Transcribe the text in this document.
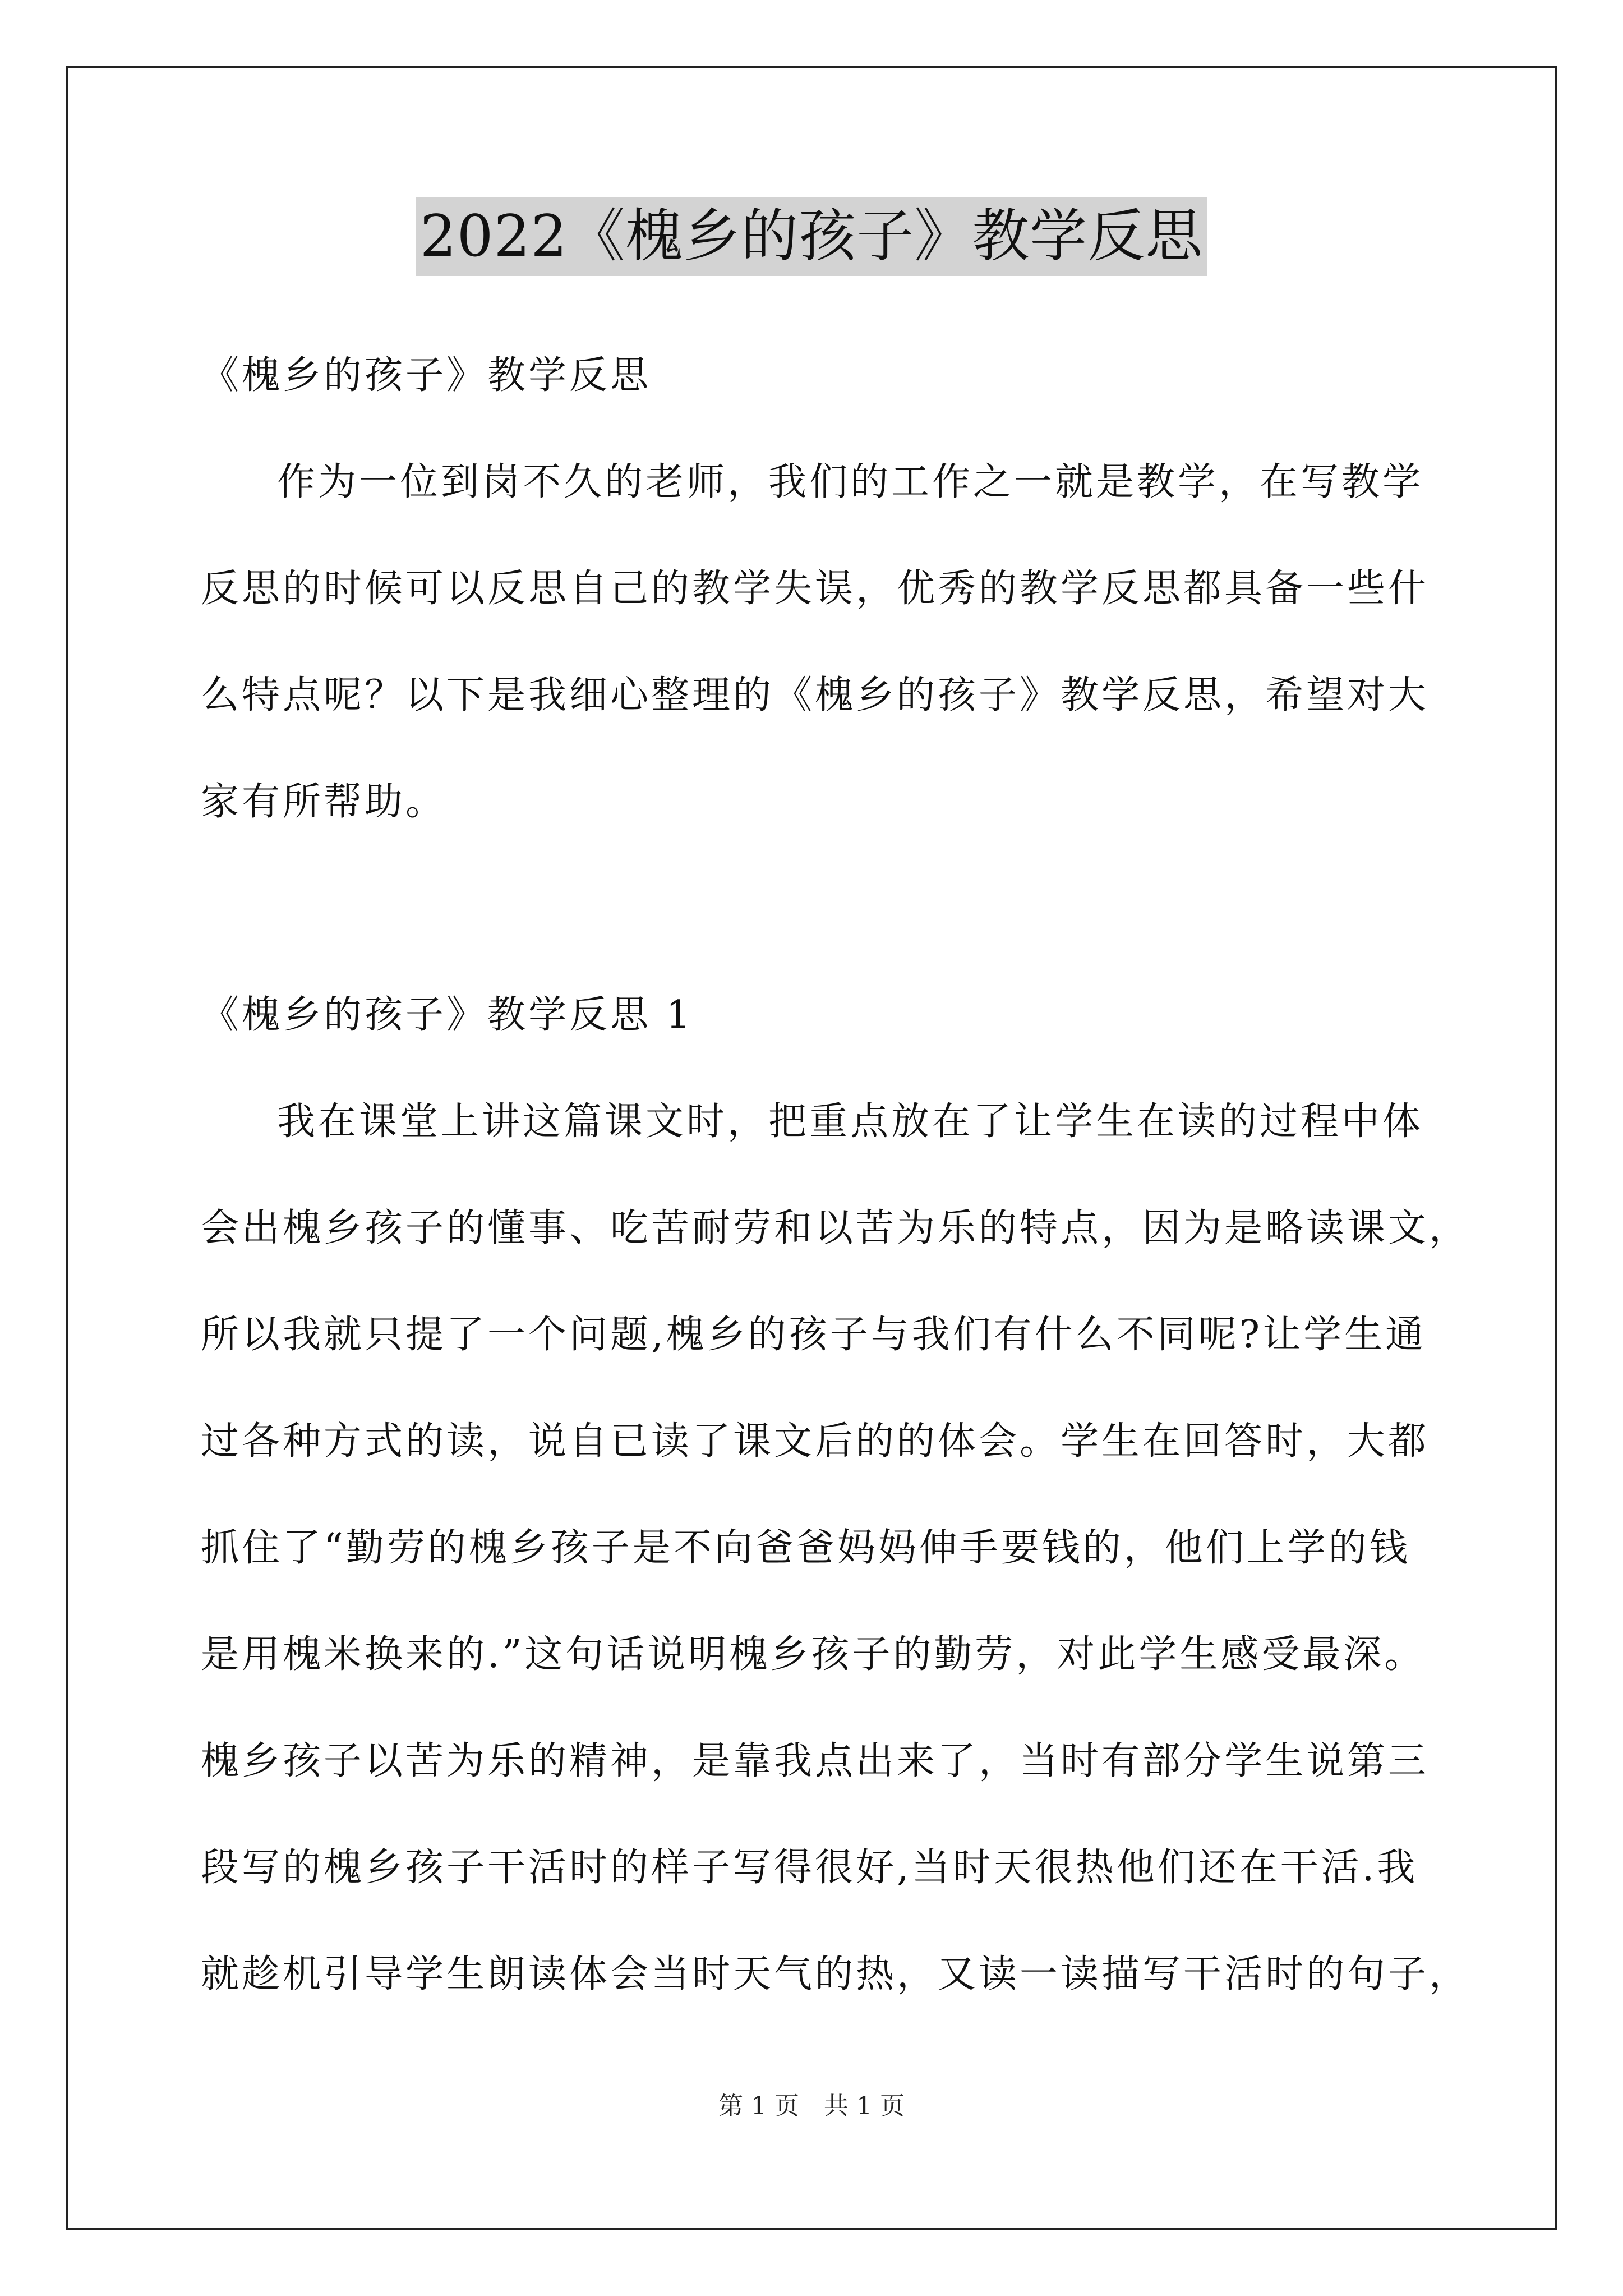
2022《槐乡的孩子》教学反思
《槐乡的孩子》教学反思
作为一位到岗不久的老师，我们的工作之一就是教学，在写教学
反思的时候可以反思自己的教学失误，优秀的教学反思都具备一些什
么特点呢？以下是我细心整理的《槐乡的孩子》教学反思，希望对大
家有所帮助。
《槐乡的孩子》教学反思 1
我在课堂上讲这篇课文时，把重点放在了让学生在读的过程中体
会出槐乡孩子的懂事、吃苦耐劳和以苦为乐的特点，因为是略读课文，
所以我就只提了一个问题,槐乡的孩子与我们有什么不同呢?让学生通
过各种方式的读，说自已读了课文后的的体会。学生在回答时，大都
抓住了“勤劳的槐乡孩子是不向爸爸妈妈伸手要钱的，他们上学的钱
是用槐米换来的.”这句话说明槐乡孩子的勤劳，对此学生感受最深。
槐乡孩子以苦为乐的精神，是靠我点出来了，当时有部分学生说第三
段写的槐乡孩子干活时的样子写得很好,当时天很热他们还在干活.我
就趁机引导学生朗读体会当时天气的热，又读一读描写干活时的句子，
第 1 页　共 1 页
